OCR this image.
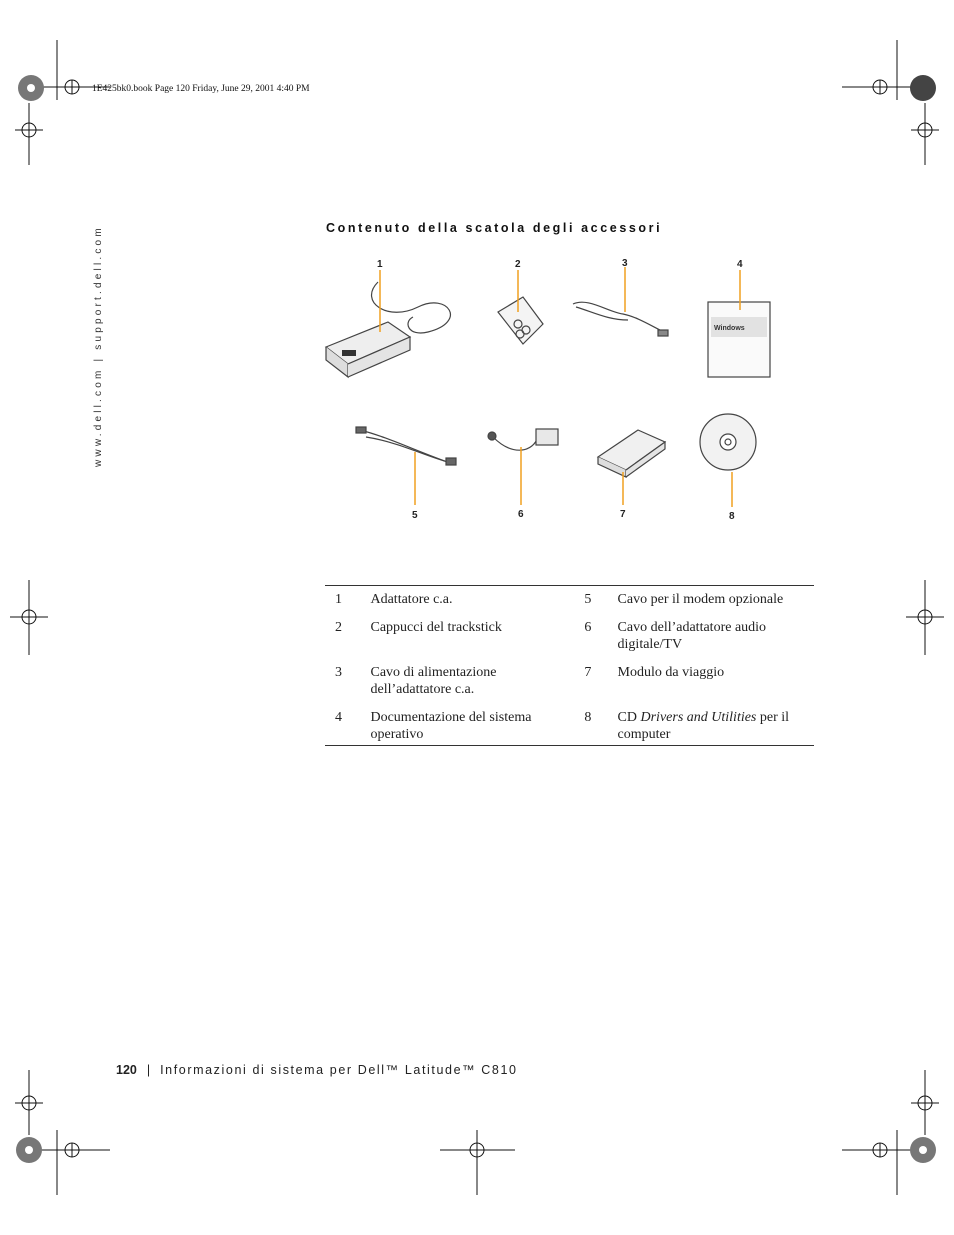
1E425bk0.book Page 120 Friday, June 29, 2001 4:40 PM
www.dell.com | support.dell.com	Contenuto della scatola degli accessori
Windows
1	2	3	4
5	6	7	8
1	Adattatore c.a.	5	Cavo per il modem opzionale
2	Cappucci del trackstick	6	Cavo dell’adattatore audio digitale/TV
3	Cavo di alimentazione dell’adattatore c.a.	7	Modulo da viaggio
4	Documentazione del sistema operativo	8	CD Drivers and Utilities per il computer
120 | Informazioni di sistema per Dell™ Latitude™ C810
